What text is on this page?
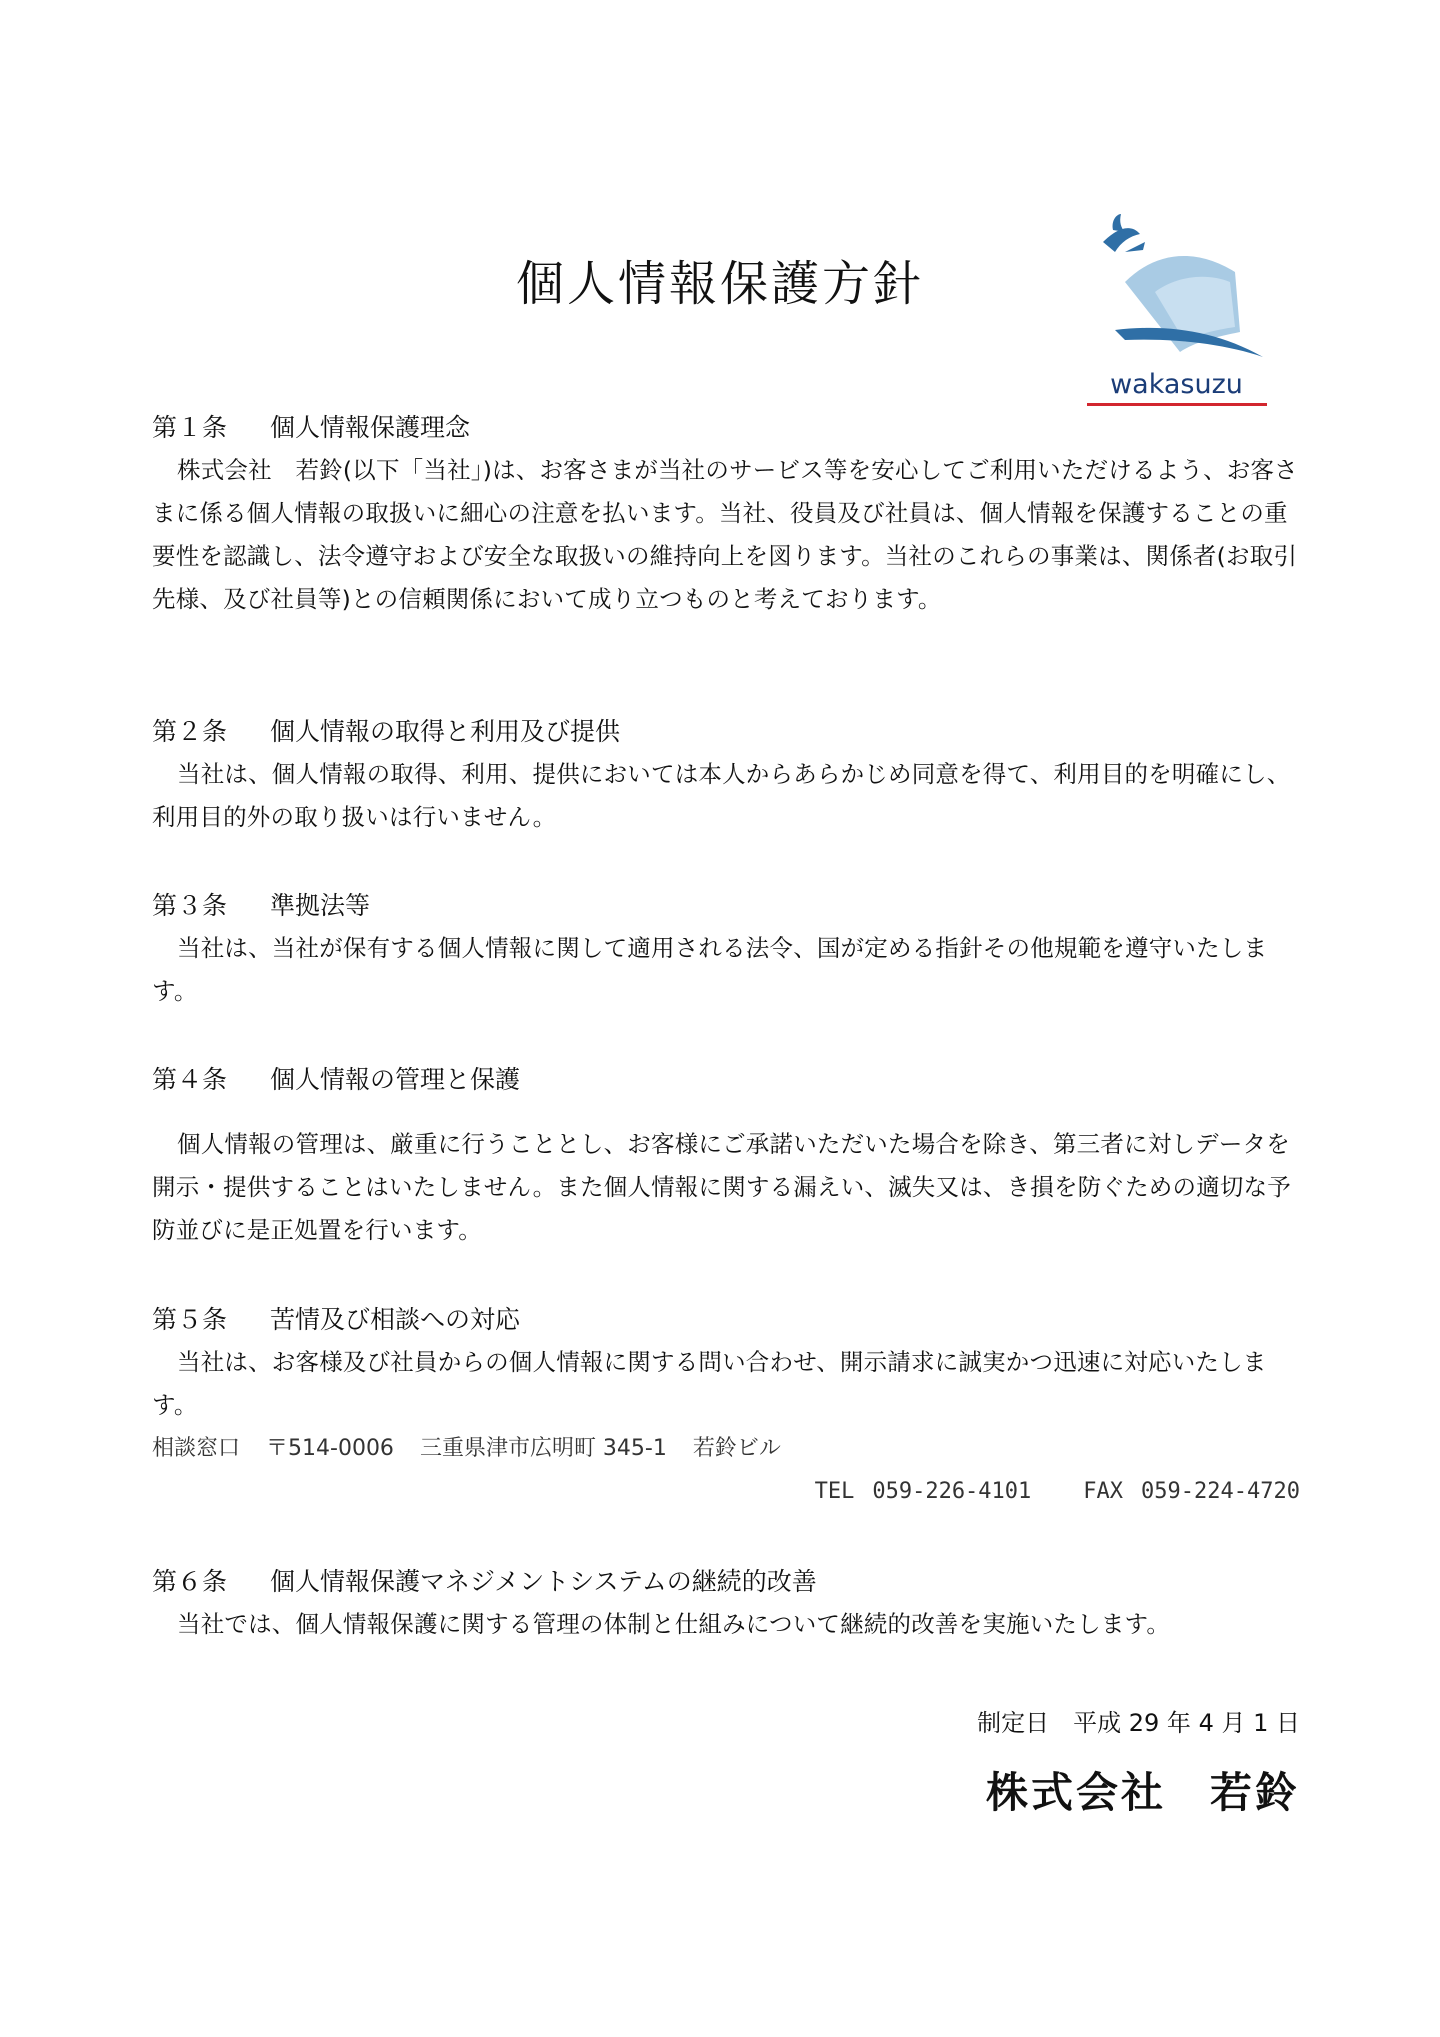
個人情報保護方針
wakasuzu
第１条 個人情報保護理念

株式会社　若鈴(以下「当社」)は、お客さまが当社のサービス等を安心してご利用いただけるよう、お客さまに係る個人情報の取扱いに細心の注意を払います。当社、役員及び社員は、個人情報を保護することの重要性を認識し、法令遵守および安全な取扱いの維持向上を図ります。当社のこれらの事業は、関係者(お取引先様、及び社員等)との信頼関係において成り立つものと考えております。

第２条 個人情報の取得と利用及び提供

当社は、個人情報の取得、利用、提供においては本人からあらかじめ同意を得て、利用目的を明確にし、利用目的外の取り扱いは行いません。

第３条 準拠法等

当社は、当社が保有する個人情報に関して適用される法令、国が定める指針その他規範を遵守いたします。

第４条 個人情報の管理と保護

個人情報の管理は、厳重に行うこととし、お客様にご承諾いただいた場合を除き、第三者に対しデータを開示・提供することはいたしません。また個人情報に関する漏えい、滅失又は、き損を防ぐための適切な予防並びに是正処置を行います。

第５条 苦情及び相談への対応

当社は、お客様及び社員からの個人情報に関する問い合わせ、開示請求に誠実かつ迅速に対応いたします。

相談窓口 〒514-0006 三重県津市広明町 345-1 若鈴ビル

TEL 059-226-4101 FAX 059-224-4720

第６条 個人情報保護マネジメントシステムの継続的改善

当社では、個人情報保護に関する管理の体制と仕組みについて継続的改善を実施いたします。

制定日　平成 29 年 4 月 1 日
株式会社 若鈴
